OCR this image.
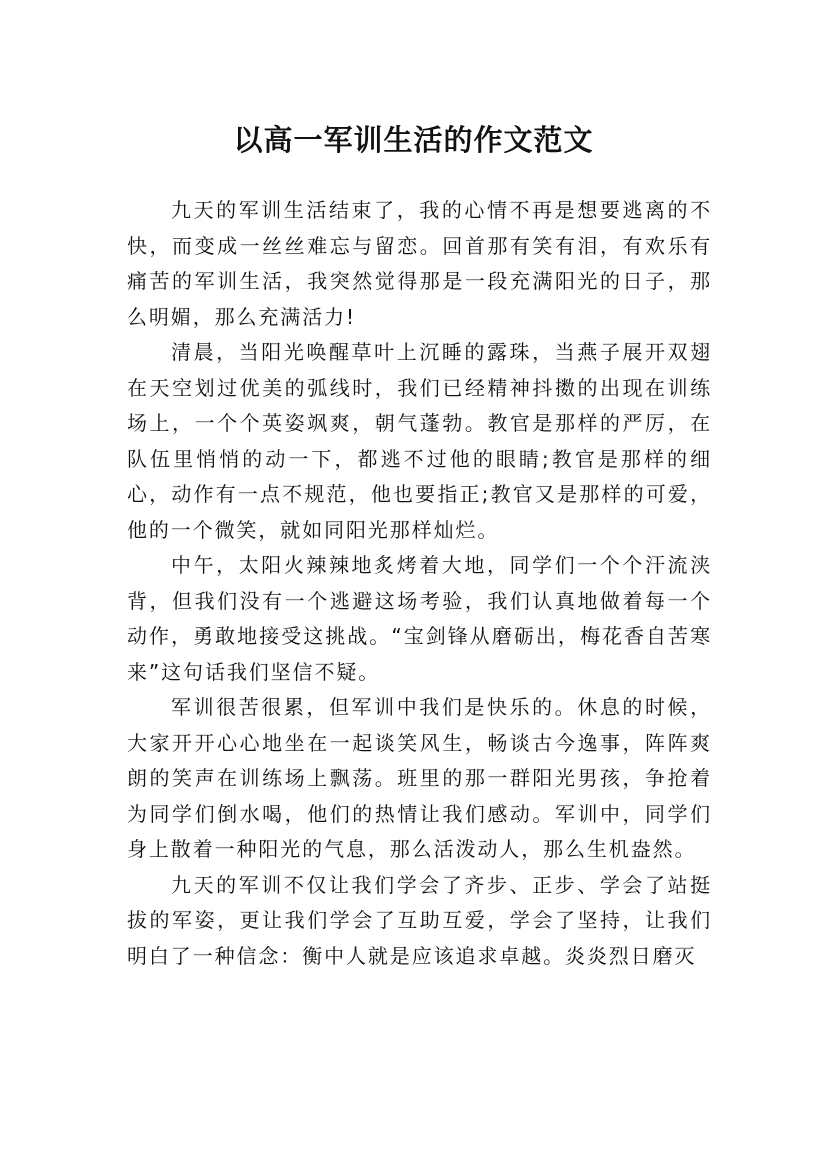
以高一军训生活的作文范文

九天的军训生活结束了，我的心情不再是想要逃离的不快，而变成一丝丝难忘与留恋。回首那有笑有泪，有欢乐有痛苦的军训生活，我突然觉得那是一段充满阳光的日子，那么明媚，那么充满活力!

清晨，当阳光唤醒草叶上沉睡的露珠，当燕子展开双翅在天空划过优美的弧线时，我们已经精神抖擞的出现在训练场上，一个个英姿飒爽，朝气蓬勃。教官是那样的严厉，在队伍里悄悄的动一下，都逃不过他的眼睛;教官是那样的细心，动作有一点不规范，他也要指正;教官又是那样的可爱，他的一个微笑，就如同阳光那样灿烂。

中午，太阳火辣辣地炙烤着大地，同学们一个个汗流浃背，但我们没有一个逃避这场考验，我们认真地做着每一个动作，勇敢地接受这挑战。“宝剑锋从磨砺出，梅花香自苦寒来”这句话我们坚信不疑。

军训很苦很累，但军训中我们是快乐的。休息的时候，大家开开心心地坐在一起谈笑风生，畅谈古今逸事，阵阵爽朗的笑声在训练场上飘荡。班里的那一群阳光男孩，争抢着为同学们倒水喝，他们的热情让我们感动。军训中，同学们身上散着一种阳光的气息，那么活泼动人，那么生机盎然。

九天的军训不仅让我们学会了齐步、正步、学会了站挺拔的军姿，更让我们学会了互助互爱，学会了坚持，让我们明白了一种信念：衡中人就是应该追求卓越。炎炎烈日磨灭
